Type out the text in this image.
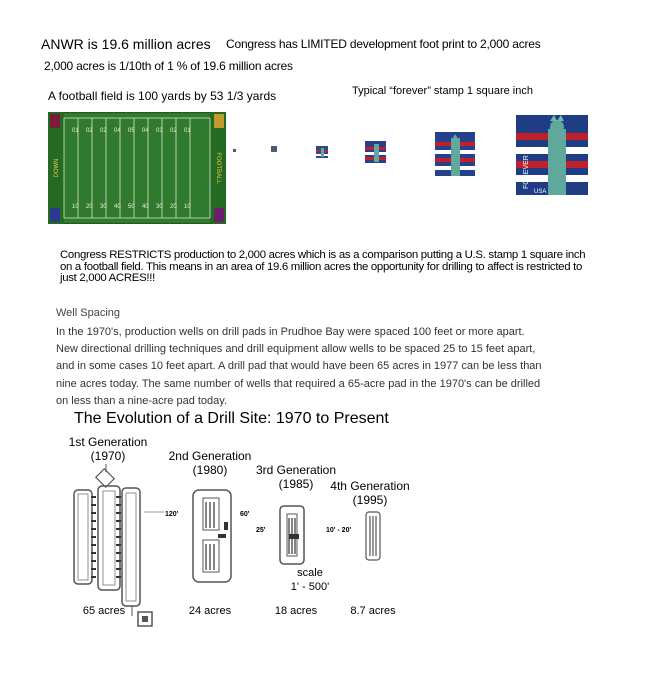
ANWR is 19.6 million acres Congress has LIMITED development foot print to 2,000 acres
2,000 acres is 1/10th of 1 % of 19.6 million acres
A football field is 100 yards by 53 1/3 yards	Typical “forever” stamp 1 square inch
01 02 02 04 05 04 03 02 01
10 20 30 40 50 40 30 20 10
DOWN	FOOTBALL	FOREVER
USA
Congress RESTRICTS production to 2,000 acres which is as a comparison putting a U.S. stamp 1 square inch
on a football field. This means in an area of 19.6 million acres the opportunity for drilling to affect is restricted to
just 2,000 ACRES!!!
Well Spacing
In the 1970's, production wells on drill pads in Prudhoe Bay were spaced 100 feet or more apart.
New directional drilling techniques and drill equipment allow wells to be spaced 25 to 15 feet apart,
and in some cases 10 feet apart. A drill pad that would have been 65 acres in 1977 can be less than
nine acres today. The same number of wells that required a 65-acre pad in the 1970's can be drilled
on less than a nine-acre pad today.
The Evolution of a Drill Site: 1970 to Present
1st Generation
(1970)
120'
65 acres
2nd Generation
(1980)
60'
24 acres
3rd Generation
(1985)
25'
18 acres
4th Generation
(1995)
10' - 20'
scale
1' - 500'
8.7 acres
